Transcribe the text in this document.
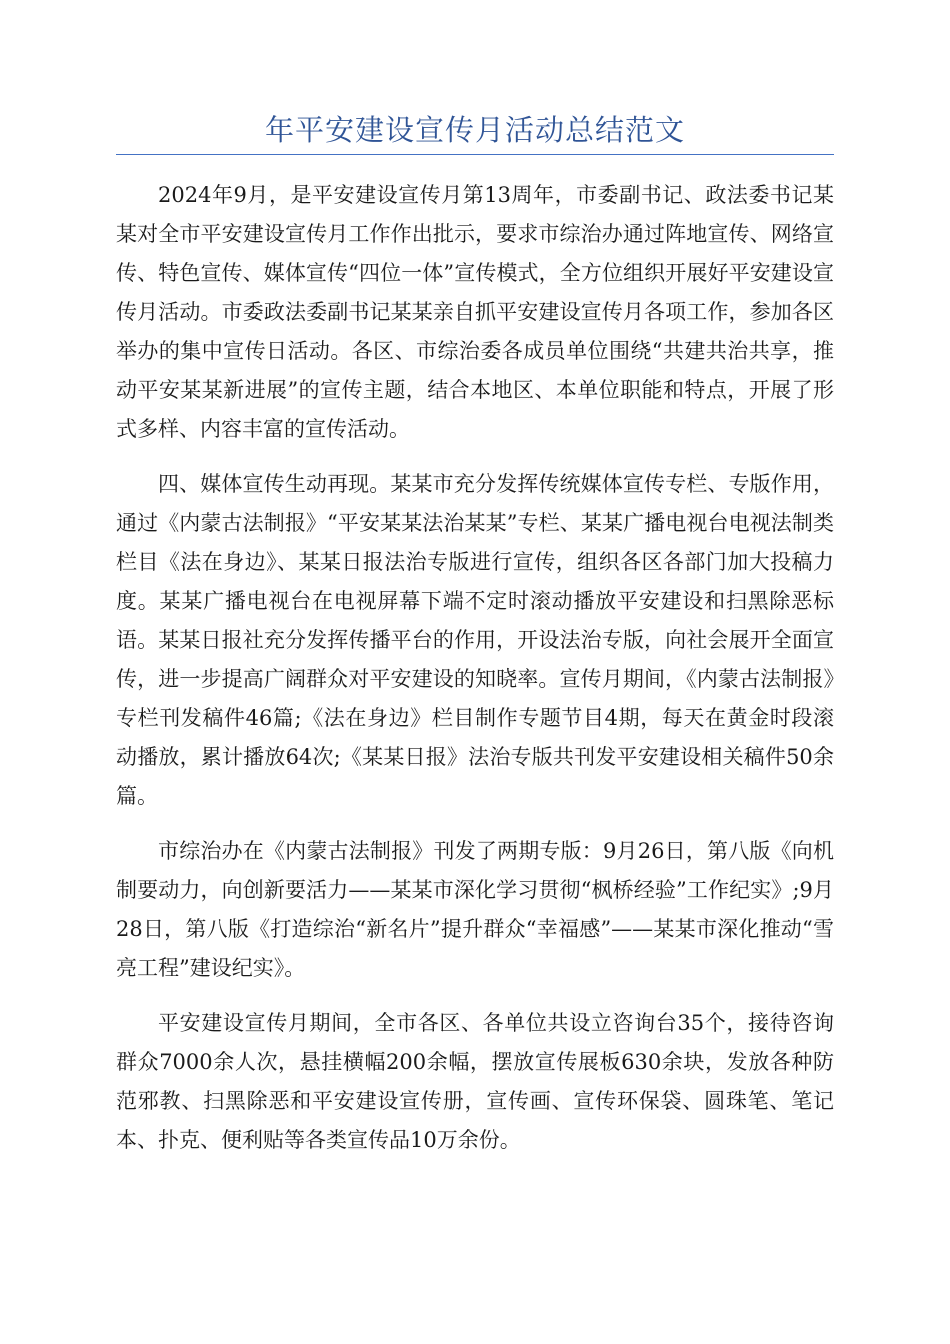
年平安建设宣传月活动总结范文

2024年9月，是平安建设宣传月第13周年，市委副书记、政法委书记某某对全市平安建设宣传月工作作出批示，要求市综治办通过阵地宣传、网络宣传、特色宣传、媒体宣传“四位一体”宣传模式，全方位组织开展好平安建设宣传月活动。市委政法委副书记某某亲自抓平安建设宣传月各项工作，参加各区举办的集中宣传日活动。各区、市综治委各成员单位围绕“共建共治共享，推动平安某某新进展”的宣传主题，结合本地区、本单位职能和特点，开展了形式多样、内容丰富的宣传活动。

四、媒体宣传生动再现。某某市充分发挥传统媒体宣传专栏、专版作用，通过《内蒙古法制报》“平安某某法治某某”专栏、某某广播电视台电视法制类栏目《法在身边》、某某日报法治专版进行宣传，组织各区各部门加大投稿力度。某某广播电视台在电视屏幕下端不定时滚动播放平安建设和扫黑除恶标语。某某日报社充分发挥传播平台的作用，开设法治专版，向社会展开全面宣传，进一步提高广阔群众对平安建设的知晓率。宣传月期间，《内蒙古法制报》专栏刊发稿件46篇;《法在身边》栏目制作专题节目4期，每天在黄金时段滚动播放，累计播放64次;《某某日报》法治专版共刊发平安建设相关稿件50余篇。

市综治办在《内蒙古法制报》刊发了两期专版：9月26日，第八版《向机制要动力，向创新要活力——某某市深化学习贯彻“枫桥经验”工作纪实》;9月28日，第八版《打造综治“新名片”提升群众“幸福感”——某某市深化推动“雪亮工程”建设纪实》。

平安建设宣传月期间，全市各区、各单位共设立咨询台35个，接待咨询群众7000余人次，悬挂横幅200余幅，摆放宣传展板630余块，发放各种防范邪教、扫黑除恶和平安建设宣传册，宣传画、宣传环保袋、圆珠笔、笔记本、扑克、便利贴等各类宣传品10万余份。
